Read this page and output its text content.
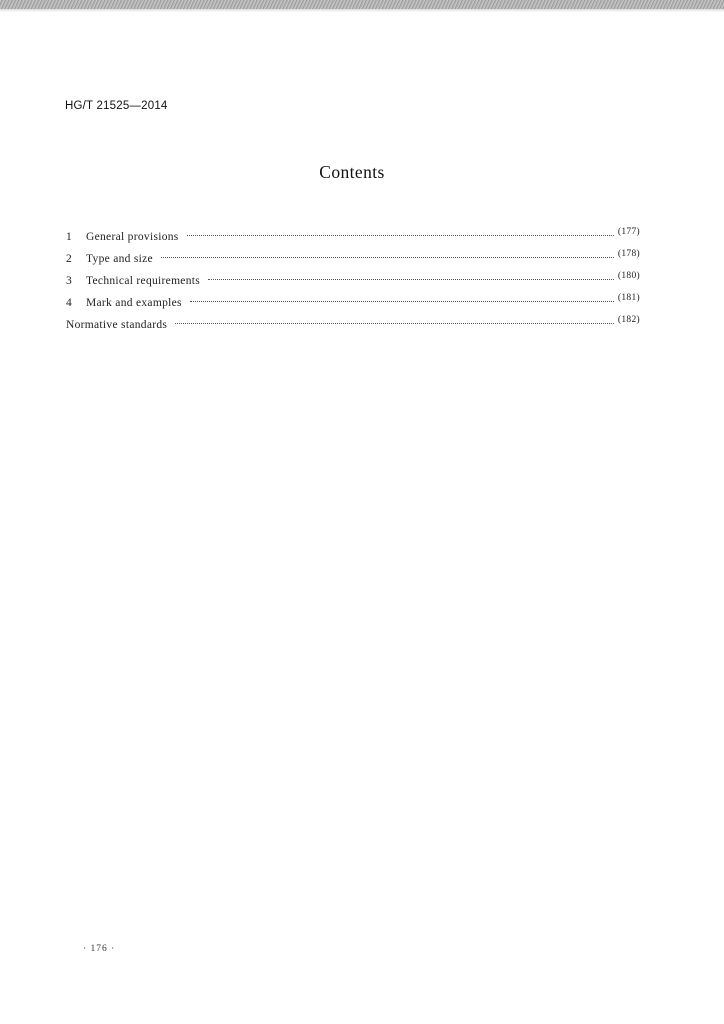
HG/T 21525—2014
Contents
1	General provisions	(177)
2	Type and size	(178)
3	Technical requirements	(180)
4	Mark and examples	(181)
Normative standards	(182)
· 176 ·
